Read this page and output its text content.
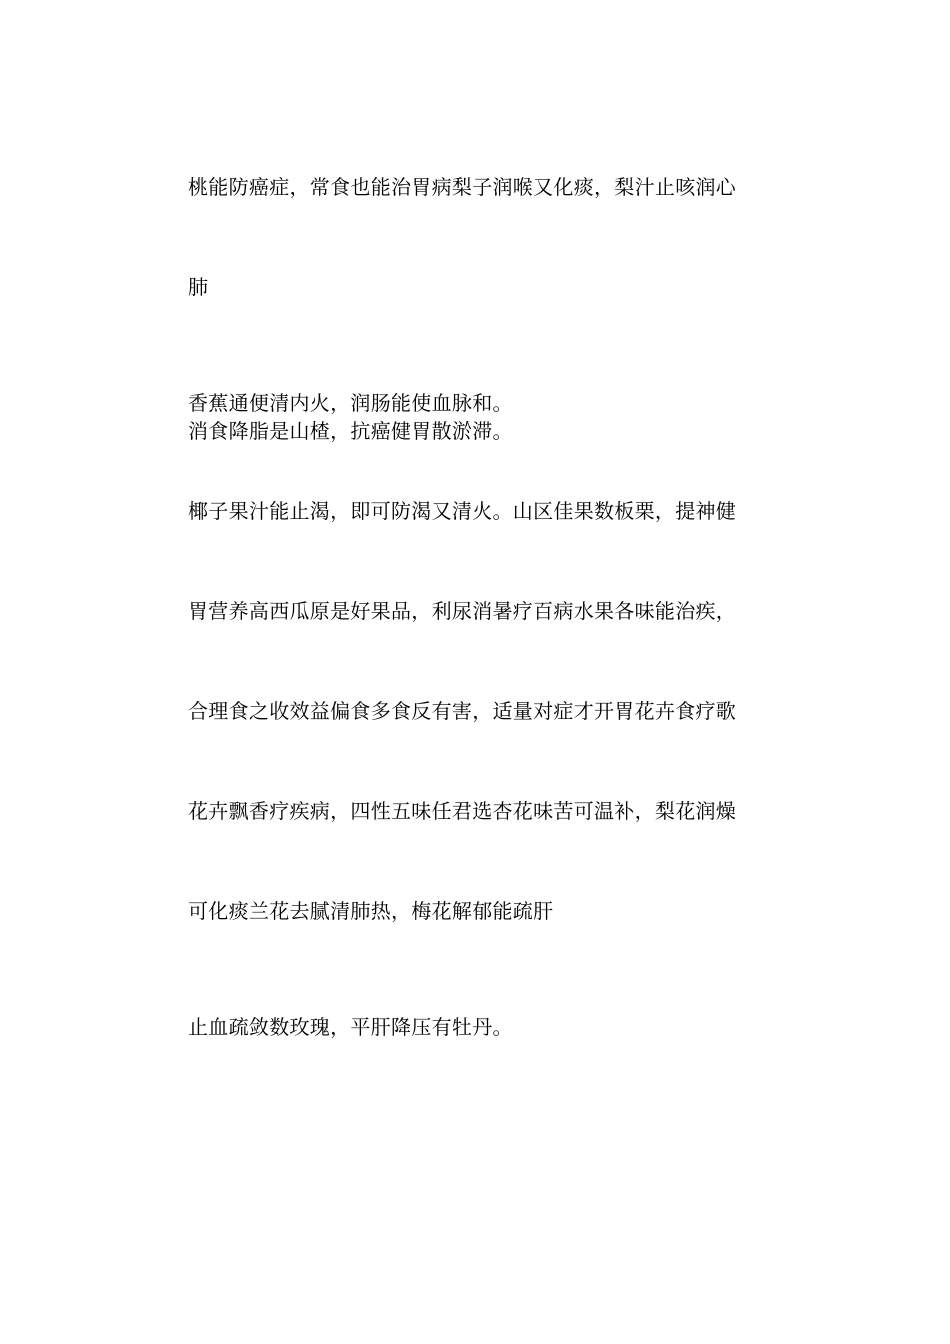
桃能防癌症，常食也能治胃病梨子润喉又化痰，梨汁止咳润心
肺
香蕉通便清内火，润肠能使血脉和。
消食降脂是山楂，抗癌健胃散淤滞。
椰子果汁能止渴，即可防渴又清火。山区佳果数板栗，提神健
胃营养高西瓜原是好果品，利尿消暑疗百病水果各味能治疾，
合理食之收效益偏食多食反有害，适量对症才开胃花卉食疗歌
花卉飘香疗疾病，四性五味任君选杏花味苦可温补，梨花润燥
可化痰兰花去腻清肺热，梅花解郁能疏肝
止血疏敛数玫瑰，平肝降压有牡丹。
